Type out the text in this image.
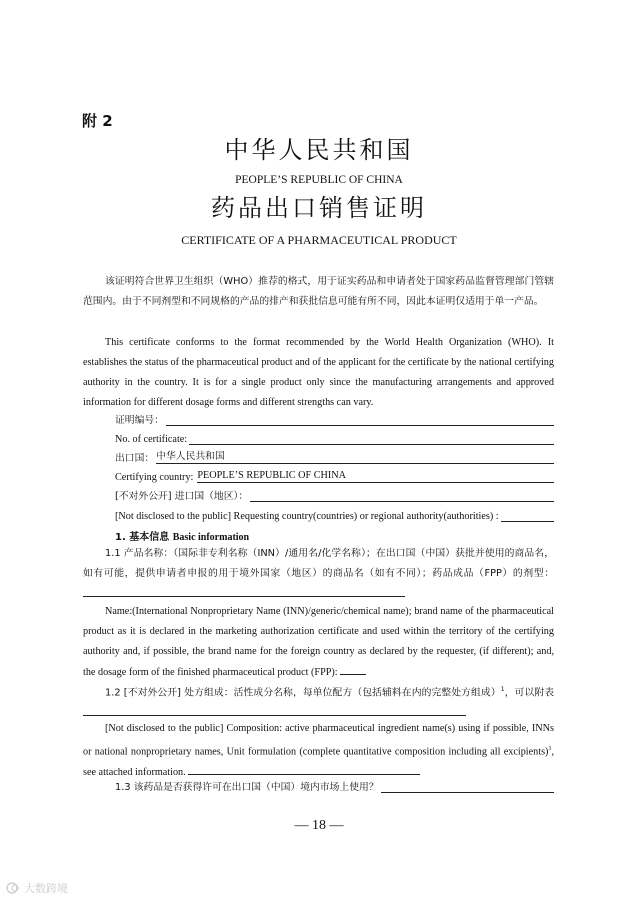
附 2
中华人民共和国
PEOPLE’S REPUBLIC OF CHINA
药品出口销售证明
CERTIFICATE OF A PHARMACEUTICAL PRODUCT
该证明符合世界卫生组织（WHO）推荐的格式，用于证实药品和申请者处于国家药品监督管理部门管辖范围内。由于不同剂型和不同规格的产品的排产和获批信息可能有所不同，因此本证明仅适用于单一产品。
This certificate conforms to the format recommended by the World Health Organization (WHO). It establishes the status of the pharmaceutical product and of the applicant for the certificate by the national certifying authority in the country. It is for a single product only since the manufacturing arrangements and approved information for different dosage forms and different strengths can vary.
证明编号：
No. of certificate:
出口国： 中华人民共和国
Certifying country: PEOPLE’S REPUBLIC OF CHINA
[不对外公开] 进口国（地区）：
[Not disclosed to the public] Requesting country(countries) or regional authority(authorities) :
1. 基本信息 Basic information
1.1 产品名称：（国际非专利名称（INN）/通用名/化学名称）；在出口国（中国）获批并使用的商品名，如有可能，提供申请者申报的用于境外国家（地区）的商品名（如有不同）；药品成品（FPP）的剂型：
Name:(International Nonproprietary Name (INN)/generic/chemical name); brand name of the pharmaceutical product as it is declared in the marketing authorization certificate and used within the territory of the certifying authority and, if possible, the brand name for the foreign country as declared by the requester, (if different); and, the dosage form of the finished pharmaceutical product (FPP):
1.2 [不对外公开] 处方组成：活性成分名称，每单位配方（包括辅料在内的完整处方组成）$^1$，可以附表
[Not disclosed to the public] Composition: active pharmaceutical ingredient name(s) using if possible, INNs or national nonproprietary names, Unit formulation (complete quantitative composition including all excipients)$^1$, see attached information.
1.3 该药品是否获得许可在出口国（中国）境内市场上使用？
— 18 —
大数跨境
